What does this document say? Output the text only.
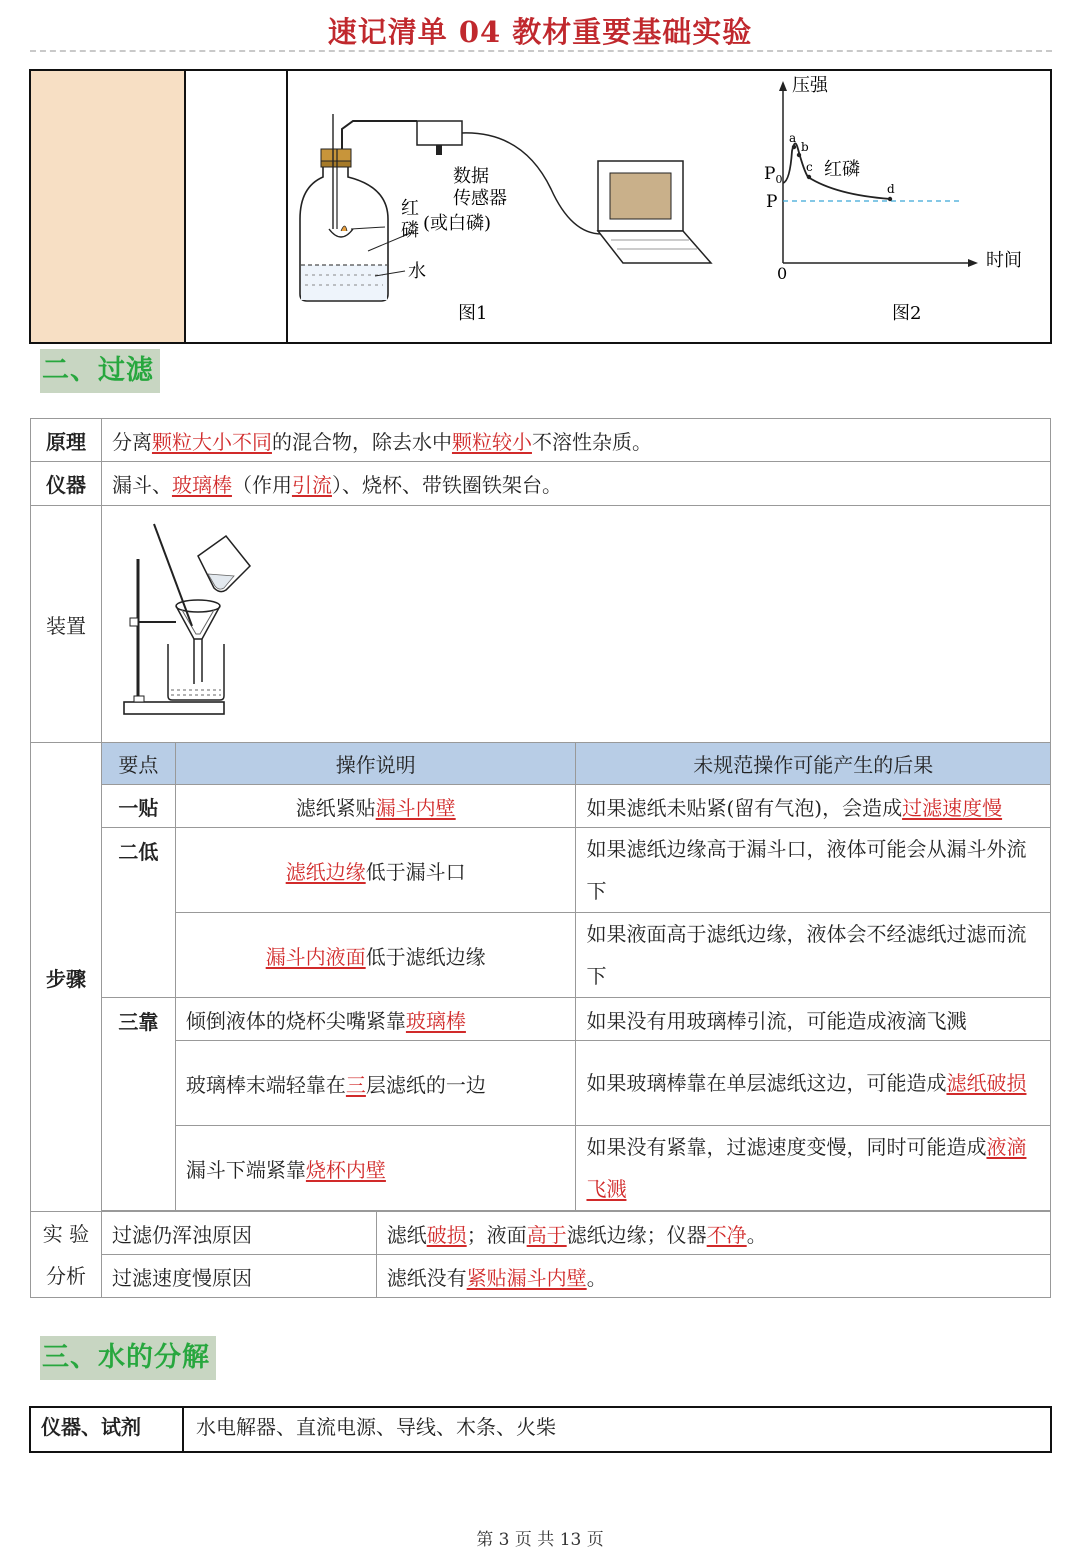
速记清单 04 教材重要基础实验
数据
传感器
红
磷 (或白磷)
水
图1
压强
时间
0
$P_0$
P
红磷
a
b
c
d
图2
二、过滤
原理	分离颗粒大小不同的混合物，除去水中颗粒较小不溶性杂质。			
仪器	漏斗、玻璃棒（作用引流）、烧杯、带铁圈铁架台。			
装置	

步骤	要点	操作说明		未规范操作可能产生的后果
	一贴	滤纸紧贴漏斗内壁		如果滤纸未贴紧(留有气泡)，会造成过滤速度慢
	二低	滤纸边缘低于漏斗口		如果滤纸边缘高于漏斗口，液体可能会从漏斗外流下
		漏斗内液面低于滤纸边缘		如果液面高于滤纸边缘，液体会不经滤纸过滤而流下
	三靠	倾倒液体的烧杯尖嘴紧靠玻璃棒		如果没有用玻璃棒引流，可能造成液滴飞溅
		玻璃棒末端轻靠在三层滤纸的一边		如果玻璃棒靠在单层滤纸这边，可能造成滤纸破损
		漏斗下端紧靠烧杯内壁		如果没有紧靠，过滤速度变慢，同时可能造成液滴飞溅

实 验
分析	过滤仍浑浊原因		滤纸破损；液面高于滤纸边缘；仪器不净。	
	过滤速度慢原因		滤纸没有紧贴漏斗内壁。	
三、水的分解
仪器、试剂	水电解器、直流电源、导线、木条、火柴
第 3 页 共 13 页
